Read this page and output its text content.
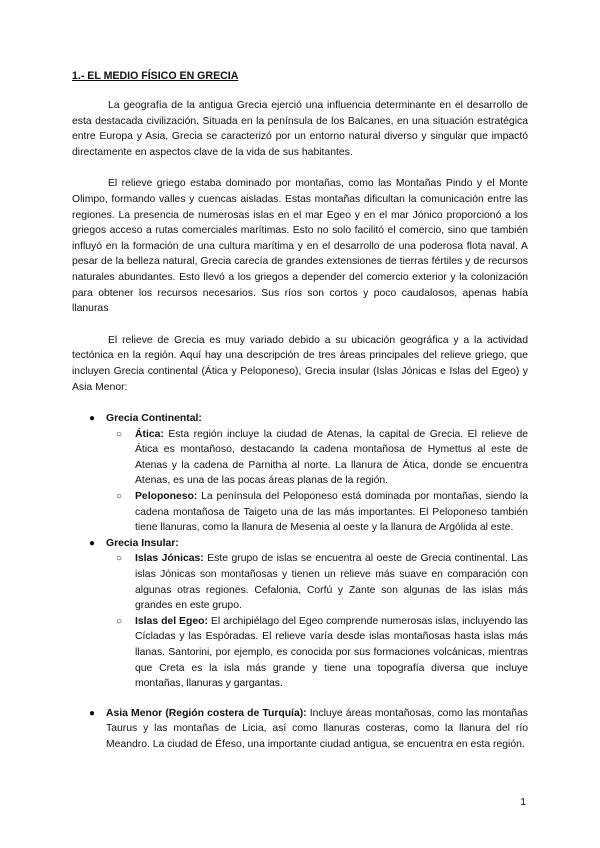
1.- EL MEDIO FÍSICO EN GRECIA

La geografía de la antigua Grecia ejerció una influencia determinante en el desarrollo de esta destacada civilización. Situada en la península de los Balcanes, en una situación estratégica entre Europa y Asia, Grecia se caracterizó por un entorno natural diverso y singular que impactó directamente en aspectos clave de la vida de sus habitantes.

El relieve griego estaba dominado por montañas, como las Montañas Pindo y el Monte Olimpo, formando valles y cuencas aisladas. Estas montañas dificultan la comunicación entre las regiones. La presencia de numerosas islas en el mar Egeo y en el mar Jónico proporcionó a los griegos acceso a rutas comerciales marítimas. Esto no solo facilitó el comercio, sino que también influyó en la formación de una cultura marítima y en el desarrollo de una poderosa flota naval. A pesar de la belleza natural, Grecia carecía de grandes extensiones de tierras fértiles y de recursos naturales abundantes. Esto llevó a los griegos a depender del comercio exterior y la colonización para obtener los recursos necesarios. Sus ríos son cortos y poco caudalosos, apenas había llanuras

El relieve de Grecia es muy variado debido a su ubicación geográfica y a la actividad tectónica en la región. Aquí hay una descripción de tres áreas principales del relieve griego, que incluyen Grecia continental (Ática y Peloponeso), Grecia insular (Islas Jónicas e Islas del Egeo) y Asia Menor:

● Grecia Continental:
○ Ática: Esta región incluye la ciudad de Atenas, la capital de Grecia. El relieve de Ática es montañoso, destacando la cadena montañosa de Hymettus al este de Atenas y la cadena de Parnitha al norte. La llanura de Ática, donde se encuentra Atenas, es una de las pocas áreas planas de la región.
○ Peloponeso: La península del Peloponeso está dominada por montañas, siendo la cadena montañosa de Taigeto una de las más importantes. El Peloponeso también tiene llanuras, como la llanura de Mesenia al oeste y la llanura de Argólida al este.
● Grecia Insular:
○ Islas Jónicas: Este grupo de islas se encuentra al oeste de Grecia continental. Las islas Jónicas son montañosas y tienen un relieve más suave en comparación con algunas otras regiones. Cefalonia, Corfú y Zante son algunas de las islas más grandes en este grupo.
○ Islas del Egeo: El archipiélago del Egeo comprende numerosas islas, incluyendo las Cícladas y las Espóradas. El relieve varía desde islas montañosas hasta islas más llanas. Santorini, por ejemplo, es conocida por sus formaciones volcánicas, mientras que Creta es la isla más grande y tiene una topografía diversa que incluye montañas, llanuras y gargantas.
● Asia Menor (Región costera de Turquía): Incluye áreas montañosas, como las montañas Taurus y las montañas de Licia, así como llanuras costeras, como la llanura del río Meandro. La ciudad de Éfeso, una importante ciudad antigua, se encuentra en esta región.
1
